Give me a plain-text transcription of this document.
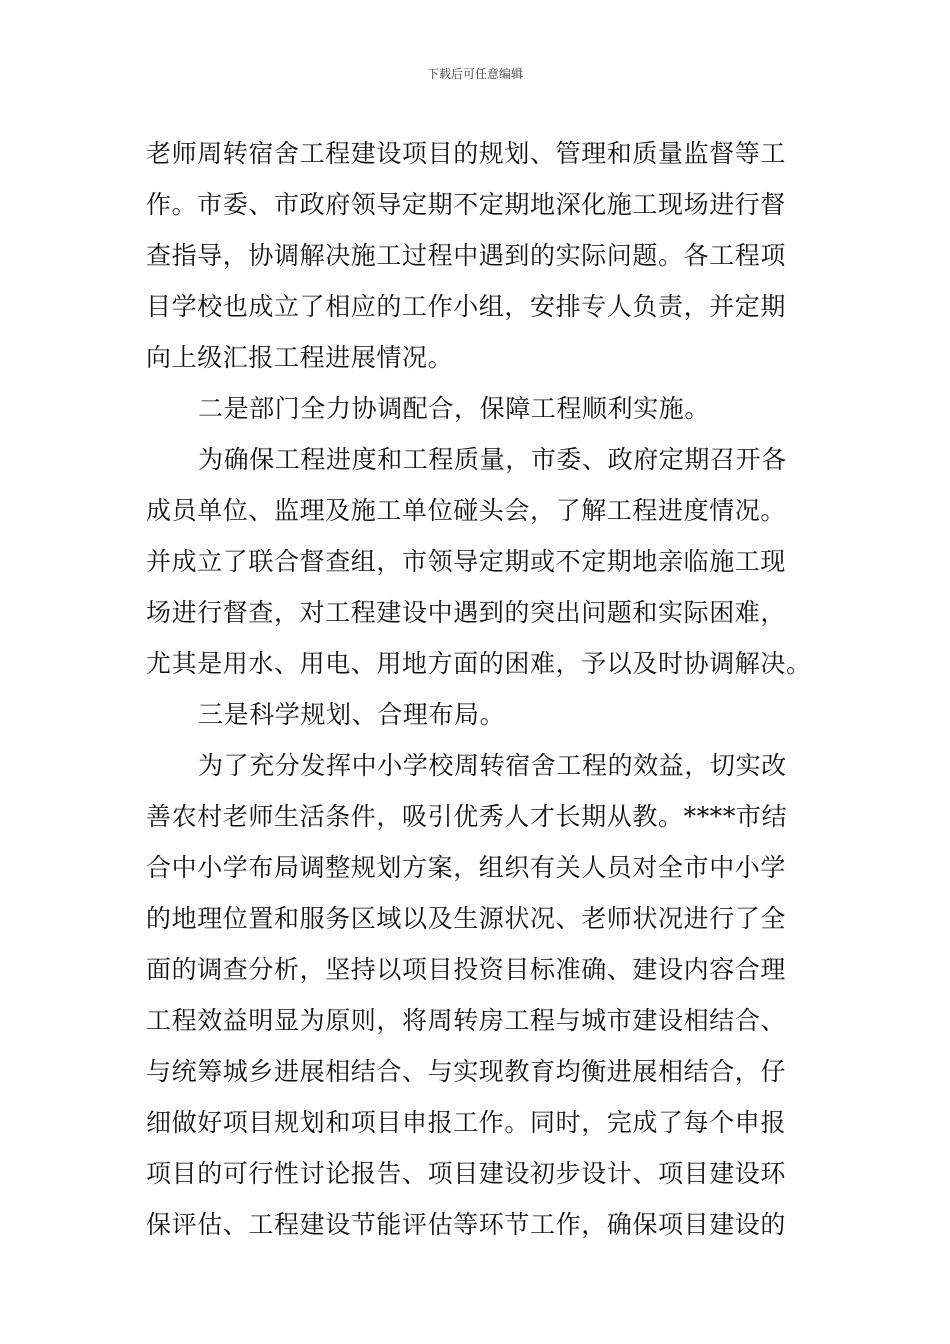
下载后可任意编辑
老师周转宿舍工程建设项目的规划、管理和质量监督等工
作。市委、市政府领导定期不定期地深化施工现场进行督
查指导，协调解决施工过程中遇到的实际问题。各工程项
目学校也成立了相应的工作小组，安排专人负责，并定期
向上级汇报工程进展情况。
二是部门全力协调配合，保障工程顺利实施。
为确保工程进度和工程质量，市委、政府定期召开各
成员单位、监理及施工单位碰头会，了解工程进度情况。
并成立了联合督查组，市领导定期或不定期地亲临施工现
场进行督查，对工程建设中遇到的突出问题和实际困难，
尤其是用水、用电、用地方面的困难，予以及时协调解决。
三是科学规划、合理布局。
为了充分发挥中小学校周转宿舍工程的效益，切实改
善农村老师生活条件，吸引优秀人才长期从教。****市结
合中小学布局调整规划方案，组织有关人员对全市中小学
的地理位置和服务区域以及生源状况、老师状况进行了全
面的调查分析，坚持以项目投资目标准确、建设内容合理
工程效益明显为原则，将周转房工程与城市建设相结合、
与统筹城乡进展相结合、与实现教育均衡进展相结合，仔
细做好项目规划和项目申报工作。同时，完成了每个申报
项目的可行性讨论报告、项目建设初步设计、项目建设环
保评估、工程建设节能评估等环节工作，确保项目建设的
